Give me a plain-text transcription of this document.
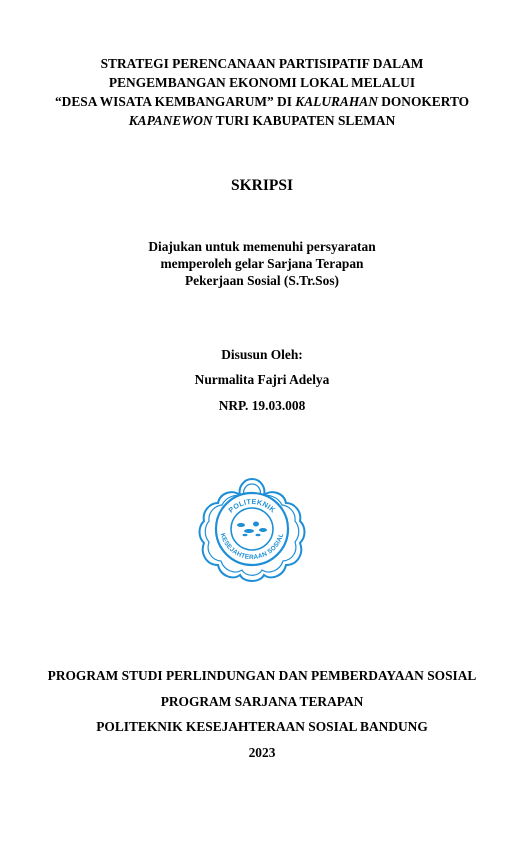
STRATEGI PERENCANAAN PARTISIPATIF DALAM
PENGEMBANGAN EKONOMI LOKAL MELALUI
“DESA WISATA KEMBANGARUM” DI KALURAHAN DONOKERTO
KAPANEWON TURI KABUPATEN SLEMAN
SKRIPSI
Diajukan untuk memenuhi persyaratan
memperoleh gelar Sarjana Terapan
Pekerjaan Sosial (S.Tr.Sos)
Disusun Oleh:
Nurmalita Fajri Adelya
NRP. 19.03.008
POLITEKNIK
KESEJAHTERAAN SOSIAL
PROGRAM STUDI PERLINDUNGAN DAN PEMBERDAYAAN SOSIAL
PROGRAM SARJANA TERAPAN
POLITEKNIK KESEJAHTERAAN SOSIAL BANDUNG
2023
